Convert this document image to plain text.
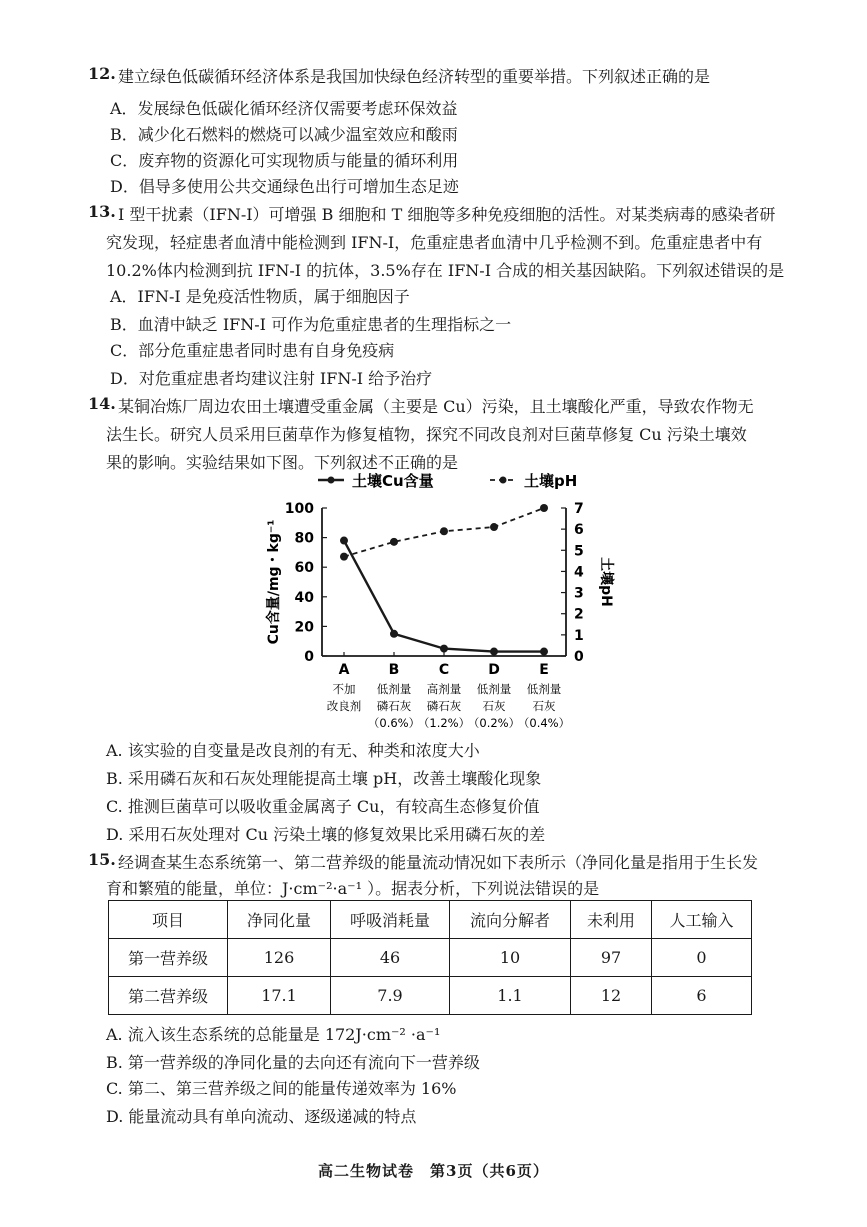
12. 建立绿色低碳循环经济体系是我国加快绿色经济转型的重要举措。下列叙述正确的是
A．发展绿色低碳化循环经济仅需要考虑环保效益
B．减少化石燃料的燃烧可以减少温室效应和酸雨
C．废弃物的资源化可实现物质与能量的循环利用
D．倡导多使用公共交通绿色出行可增加生态足迹
13. I 型干扰素（IFN-I）可增强 B 细胞和 T 细胞等多种免疫细胞的活性。对某类病毒的感染者研
究发现，轻症患者血清中能检测到 IFN-I，危重症患者血清中几乎检测不到。危重症患者中有
10.2%体内检测到抗 IFN-I 的抗体，3.5%存在 IFN-I 合成的相关基因缺陷。下列叙述错误的是
A．IFN-I 是免疫活性物质，属于细胞因子
B．血清中缺乏 IFN-I 可作为危重症患者的生理指标之一
C．部分危重症患者同时患有自身免疫病
D．对危重症患者均建议注射 IFN-I 给予治疗
14. 某铜冶炼厂周边农田土壤遭受重金属（主要是 Cu）污染，且土壤酸化严重，导致农作物无
法生长。研究人员采用巨菌草作为修复植物，探究不同改良剂对巨菌草修复 Cu 污染土壤效
果的影响。实验结果如下图。下列叙述不正确的是
0
20
40
60
80
100
0
1
2
3
4
5
6
7
Cu含量/mg・kg⁻¹	土壤pH
A
不加
改良剂
B
低剂量
磷石灰
（0.6%）
C
高剂量
磷石灰
（1.2%）
D
低剂量
石灰
（0.2%）
E
低剂量
石灰
（0.4%）
土壤Cu含量	土壤pH
A. 该实验的自变量是改良剂的有无、种类和浓度大小
B. 采用磷石灰和石灰处理能提高土壤 pH，改善土壤酸化现象
C. 推测巨菌草可以吸收重金属离子 Cu，有较高生态修复价值
D. 采用石灰处理对 Cu 污染土壤的修复效果比采用磷石灰的差
15. 经调查某生态系统第一、第二营养级的能量流动情况如下表所示（净同化量是指用于生长发
育和繁殖的能量，单位：J·cm⁻²·a⁻¹ ）。据表分析，下列说法错误的是
项目	净同化量	呼吸消耗量	流向分解者	未利用	人工输入
第一营养级	126	46	10	97	0
第二营养级	17.1	7.9	1.1	12	6
A. 流入该生态系统的总能量是 172J·cm⁻² ·a⁻¹
B. 第一营养级的净同化量的去向还有流向下一营养级
C. 第二、第三营养级之间的能量传递效率为 16%
D. 能量流动具有单向流动、逐级递减的特点
高二生物试卷　第3页（共6页）
